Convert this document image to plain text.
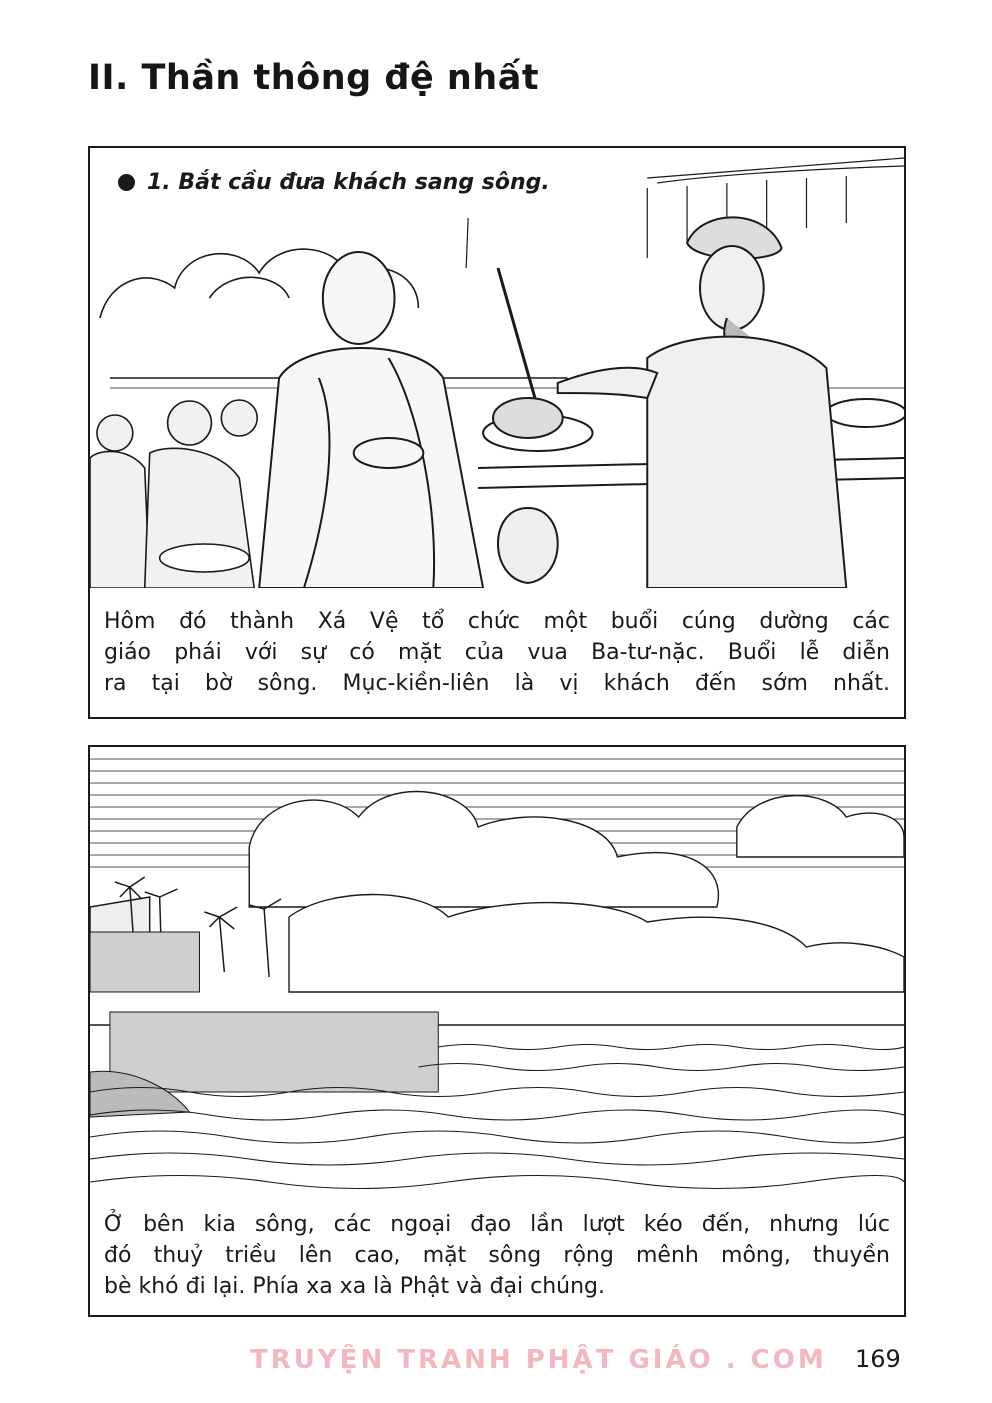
II. Thần thông đệ nhất
1. Bắt cầu đưa khách sang sông.
Hôm đó thành Xá Vệ tổ chức một buổi cúng dường các
giáo phái với sự có mặt của vua Ba-tư-nặc. Buổi lễ diễn
ra tại bờ sông. Mục-kiền-liên là vị khách đến sớm nhất.
Ở bên kia sông, các ngoại đạo lần lượt kéo đến, nhưng lúc
đó thuỷ triều lên cao, mặt sông rộng mênh mông, thuyền
bè khó đi lại. Phía xa xa là Phật và đại chúng.
TRUYỆN TRANH PHẬT GIÁO . COM 169
